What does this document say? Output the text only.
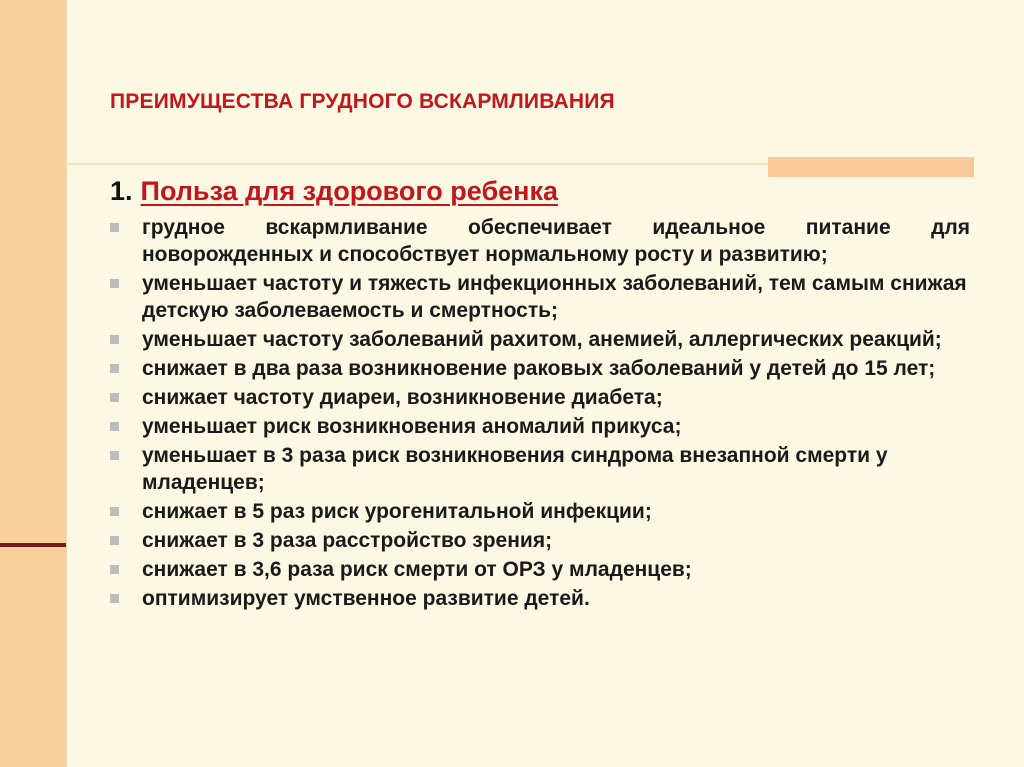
ПРЕИМУЩЕСТВА ГРУДНОГО ВСКАРМЛИВАНИЯ
1. Польза для здорового ребенка
грудное вскармливание обеспечивает идеальное питание для новорожденных и способствует нормальному росту и развитию;
уменьшает частоту и тяжесть инфекционных заболеваний, тем самым снижая детскую заболеваемость и смертность;
уменьшает частоту заболеваний рахитом, анемией, аллергических реакций;
снижает в два раза возникновение раковых заболеваний у детей до 15 лет;
снижает частоту диареи, возникновение диабета;
уменьшает риск возникновения аномалий прикуса;
уменьшает в 3 раза риск возникновения синдрома внезапной смерти у младенцев;
снижает в 5 раз риск урогенитальной инфекции;
снижает в 3 раза расстройство зрения;
снижает в 3,6 раза риск смерти от ОРЗ у младенцев;
оптимизирует умственное развитие детей.
